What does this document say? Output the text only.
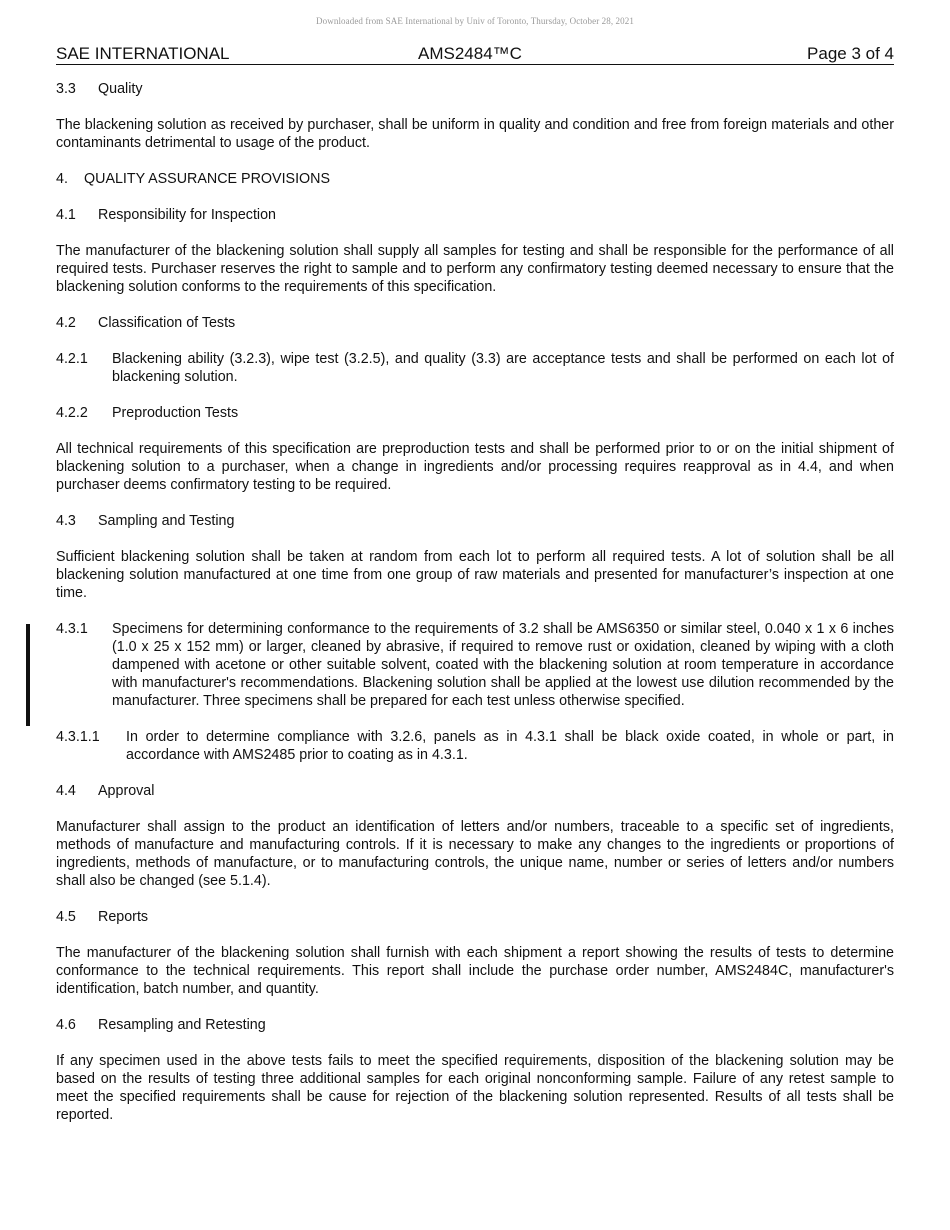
Downloaded from SAE International by Univ of Toronto, Thursday, October 28, 2021
SAE INTERNATIONAL	AMS2484™C	Page 3 of 4
3.3 Quality

The blackening solution as received by purchaser, shall be uniform in quality and condition and free from foreign materials and other contaminants detrimental to usage of the product.

4. QUALITY ASSURANCE PROVISIONS
4.1 Responsibility for Inspection

The manufacturer of the blackening solution shall supply all samples for testing and shall be responsible for the performance of all required tests. Purchaser reserves the right to sample and to perform any confirmatory testing deemed necessary to ensure that the blackening solution conforms to the requirements of this specification.

4.2 Classification of Tests
4.2.1 Blackening ability (3.2.3), wipe test (3.2.5), and quality (3.3) are acceptance tests and shall be performed on each lot of blackening solution.
4.2.2 Preproduction Tests

All technical requirements of this specification are preproduction tests and shall be performed prior to or on the initial shipment of blackening solution to a purchaser, when a change in ingredients and/or processing requires reapproval as in 4.4, and when purchaser deems confirmatory testing to be required.

4.3 Sampling and Testing

Sufficient blackening solution shall be taken at random from each lot to perform all required tests. A lot of solution shall be all blackening solution manufactured at one time from one group of raw materials and presented for manufacturer’s inspection at one time.

4.3.1 Specimens for determining conformance to the requirements of 3.2 shall be AMS6350 or similar steel, 0.040 x 1 x 6 inches (1.0 x 25 x 152 mm) or larger, cleaned by abrasive, if required to remove rust or oxidation, cleaned by wiping with a cloth dampened with acetone or other suitable solvent, coated with the blackening solution at room temperature in accordance with manufacturer's recommendations. Blackening solution shall be applied at the lowest use dilution recommended by the manufacturer. Three specimens shall be prepared for each test unless otherwise specified.
4.3.1.1 In order to determine compliance with 3.2.6, panels as in 4.3.1 shall be black oxide coated, in whole or part, in accordance with AMS2485 prior to coating as in 4.3.1.
4.4 Approval

Manufacturer shall assign to the product an identification of letters and/or numbers, traceable to a specific set of ingredients, methods of manufacture and manufacturing controls. If it is necessary to make any changes to the ingredients or proportions of ingredients, methods of manufacture, or to manufacturing controls, the unique name, number or series of letters and/or numbers shall also be changed (see 5.1.4).

4.5 Reports

The manufacturer of the blackening solution shall furnish with each shipment a report showing the results of tests to determine conformance to the technical requirements. This report shall include the purchase order number, AMS2484C, manufacturer's identification, batch number, and quantity.

4.6 Resampling and Retesting

If any specimen used in the above tests fails to meet the specified requirements, disposition of the blackening solution may be based on the results of testing three additional samples for each original nonconforming sample. Failure of any retest sample to meet the specified requirements shall be cause for rejection of the blackening solution represented. Results of all tests shall be reported.
